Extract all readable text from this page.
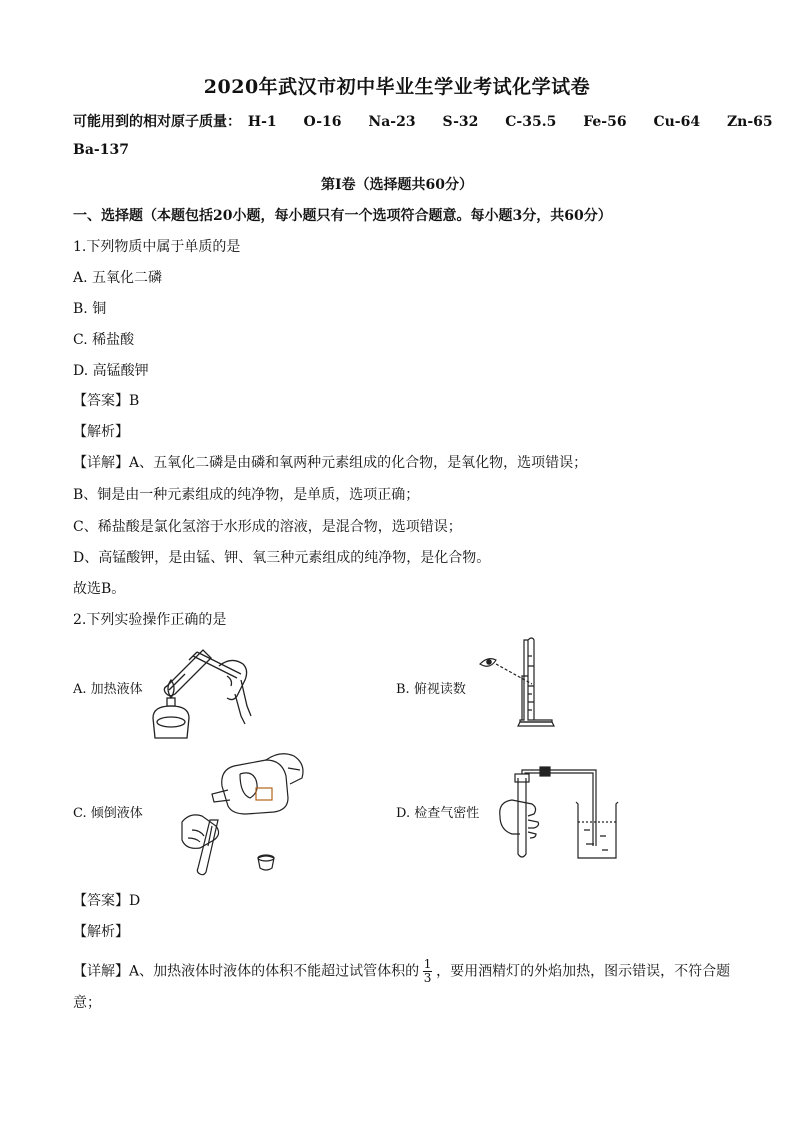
2020年武汉市初中毕业生学业考试化学试卷
可能用到的相对原子质量： H-1 O-16 Na-23 S-32 C-35.5 Fe-56 Cu-64 Zn-65
Ba-137
第Ⅰ卷（选择题共60分）
一、选择题（本题包括20小题，每小题只有一个选项符合题意。每小题3分，共60分）
1.下列物质中属于单质的是
A. 五氧化二磷
B. 铜
C. 稀盐酸
D. 高锰酸钾
【答案】B
【解析】
【详解】A、五氧化二磷是由磷和氧两种元素组成的化合物，是氧化物，选项错误；
B、铜是由一种元素组成的纯净物，是单质，选项正确；
C、稀盐酸是氯化氢溶于水形成的溶液，是混合物，选项错误；
D、高锰酸钾，是由锰、钾、氧三种元素组成的纯净物，是化合物。
故选B。
2.下列实验操作正确的是
A. 加热液体	B. 俯视读数
C. 倾倒液体	D. 检查气密性
【答案】D
【解析】
【详解】A、加热液体时液体的体积不能超过试管体积的 $\frac{1}{3}$ ，要用酒精灯的外焰加热，图示错误，不符合题
意；
